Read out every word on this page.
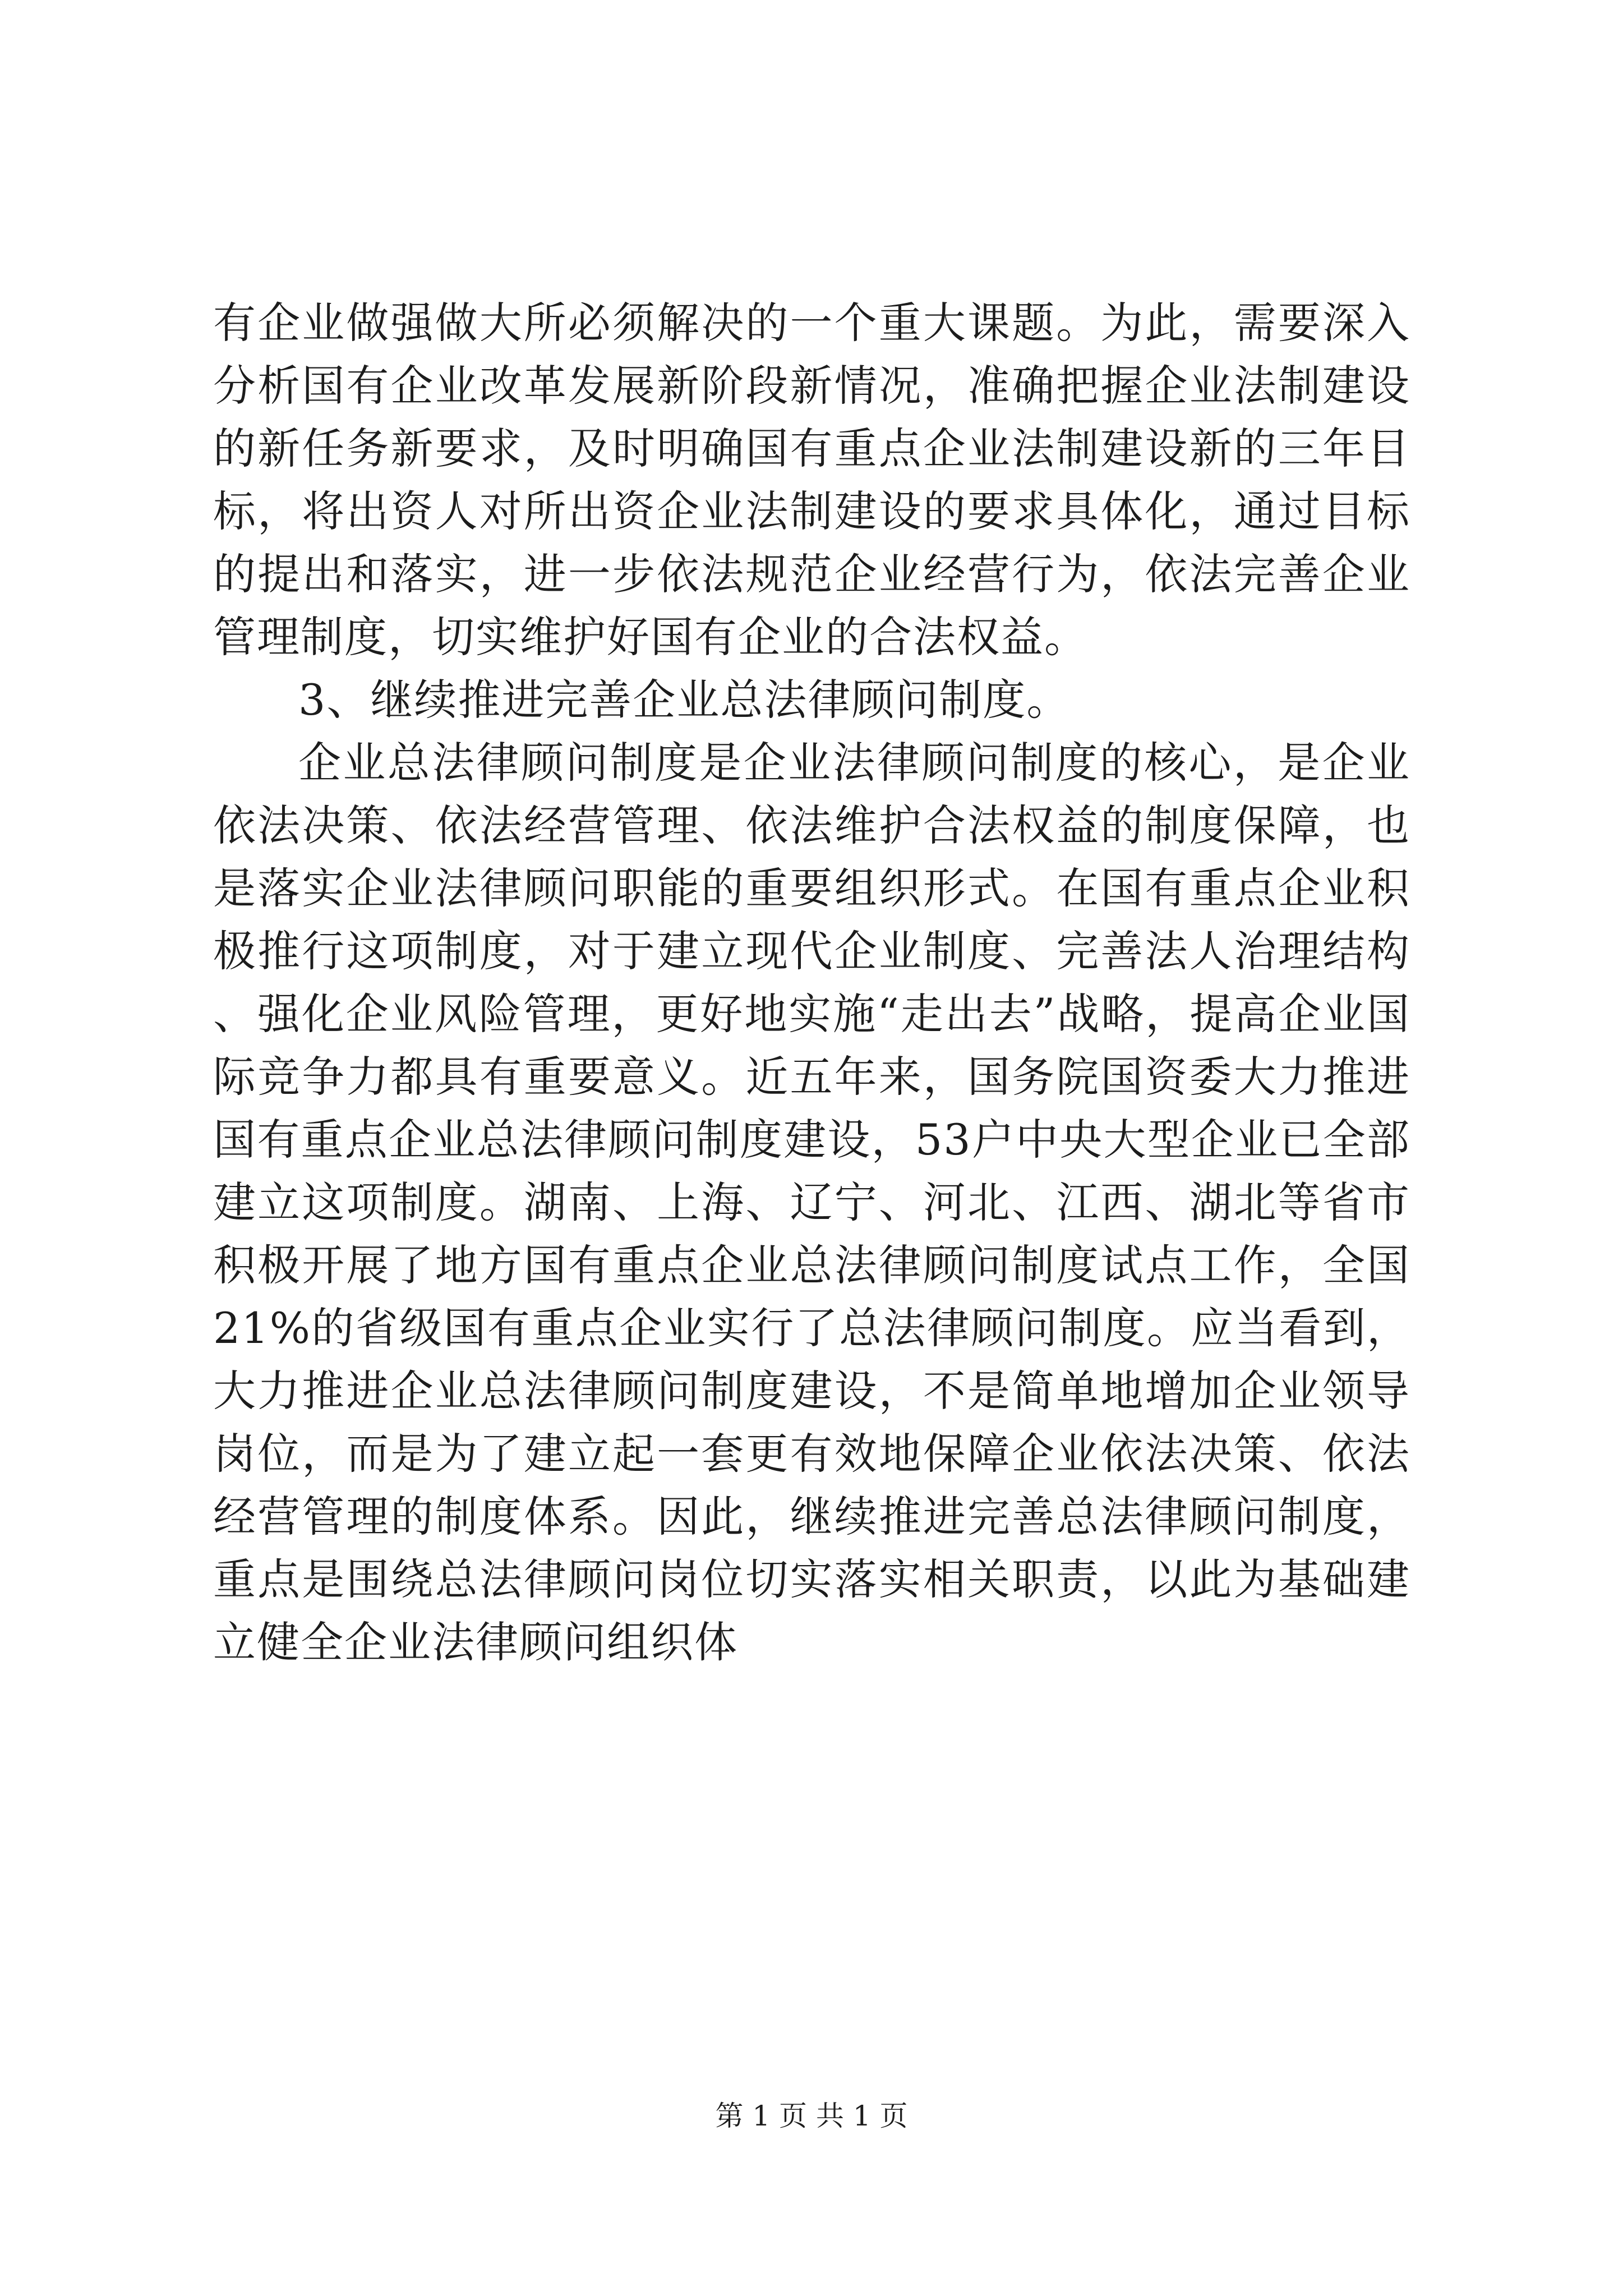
有企业做强做大所必须解决的一个重大课题。为此，需要深入分析国有企业改革发展新阶段新情况，准确把握企业法制建设的新任务新要求，及时明确国有重点企业法制建设新的三年目标，将出资人对所出资企业法制建设的要求具体化，通过目标的提出和落实，进一步依法规范企业经营行为，依法完善企业管理制度，切实维护好国有企业的合法权益。

3、继续推进完善企业总法律顾问制度。

企业总法律顾问制度是企业法律顾问制度的核心，是企业依法决策、依法经营管理、依法维护合法权益的制度保障，也是落实企业法律顾问职能的重要组织形式。在国有重点企业积极推行这项制度，对于建立现代企业制度、完善法人治理结构、强化企业风险管理，更好地实施“走出去”战略，提高企业国际竞争力都具有重要意义。近五年来，国务院国资委大力推进国有重点企业总法律顾问制度建设，53户中央大型企业已全部建立这项制度。湖南、上海、辽宁、河北、江西、湖北等省市积极开展了地方国有重点企业总法律顾问制度试点工作，全国21%的省级国有重点企业实行了总法律顾问制度。应当看到，大力推进企业总法律顾问制度建设，不是简单地增加企业领导岗位，而是为了建立起一套更有效地保障企业依法决策、依法经营管理的制度体系。因此，继续推进完善总法律顾问制度，重点是围绕总法律顾问岗位切实落实相关职责，以此为基础建立健全企业法律顾问组织体

第 1 页 共 1 页
